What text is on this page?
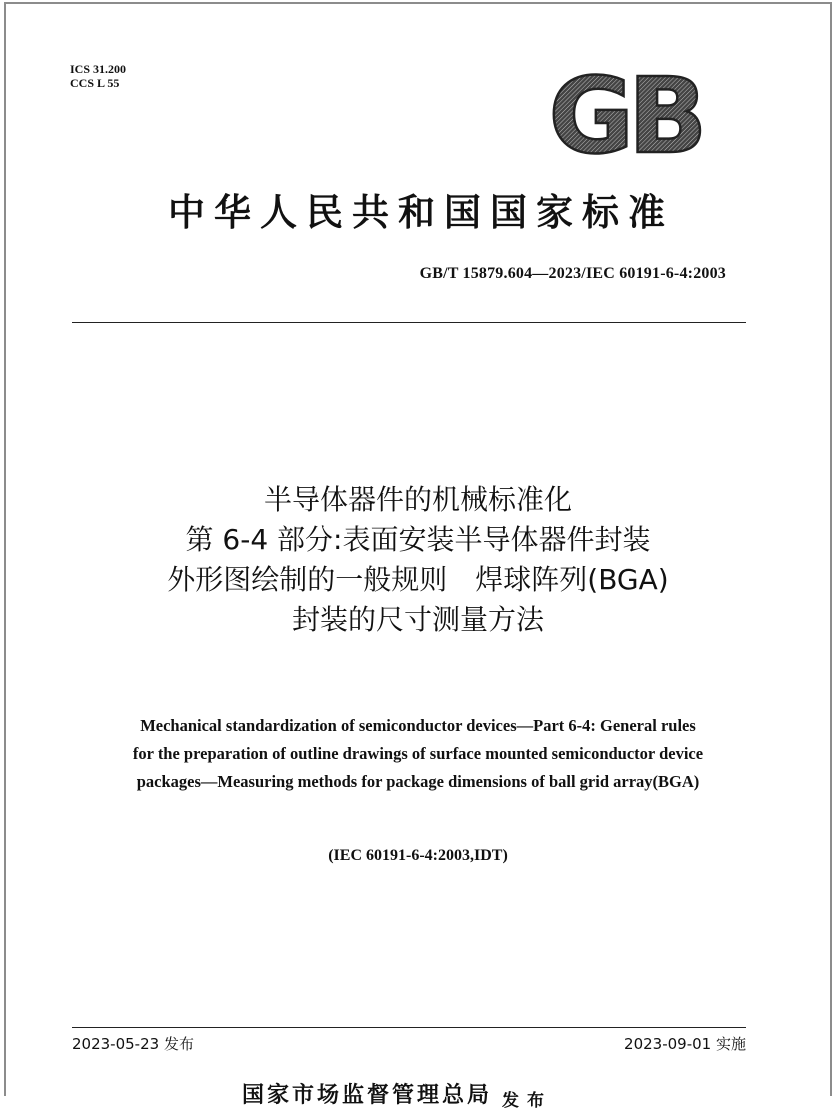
ICS 31.200
CCS L 55	GB
中华人民共和国国家标准
GB/T 15879.604—2023/IEC 60191-6-4:2003
半导体器件的机械标准化
第 6-4 部分:表面安装半导体器件封装
外形图绘制的一般规则　焊球阵列(BGA)
封装的尺寸测量方法
Mechanical standardization of semiconductor devices—Part 6-4: General rules
for the preparation of outline drawings of surface mounted semiconductor device
packages—Measuring methods for package dimensions of ball grid array(BGA)
(IEC 60191-6-4:2003,IDT)
2023-05-23 发布	2023-09-01 实施
国家市场监督管理总局 发布
